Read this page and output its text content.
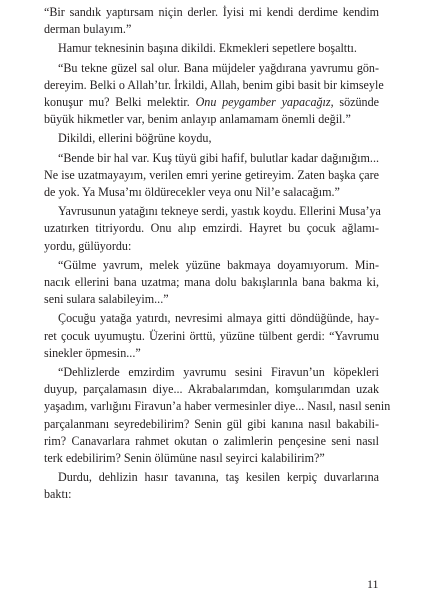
“Bir sandık yaptırsam niçin derler. İyisi mi kendi derdime kendim
derman bulayım.”

Hamur teknesinin başına dikildi. Ekmekleri sepetlere boşalttı.

“Bu tekne güzel sal olur. Bana müjdeler yağdırana yavrumu gön-
dereyim. Belki o Allah’tır. İrkildi, Allah, benim gibi basit bir kimseyle
konuşur mu? Belki melektir. Onu peygamber yapacağız, sözünde
büyük hikmetler var, benim anlayıp anlamamam önemli değil.”

Dikildi, ellerini böğrüne koydu,

“Bende bir hal var. Kuş tüyü gibi hafif, bulutlar kadar dağınığım...
Ne ise uzatmayayım, verilen emri yerine getireyim. Zaten başka çare
de yok. Ya Musa’mı öldürecekler veya onu Nil’e salacağım.”

Yavrusunun yatağını tekneye serdi, yastık koydu. Ellerini Musa’ya
uzatırken titriyordu. Onu alıp emzirdi. Hayret bu çocuk ağlamı-
yordu, gülüyordu:

“Gülme yavrum, melek yüzüne bakmaya doyamıyorum. Min-
nacık ellerini bana uzatma; mana dolu bakışlarınla bana bakma ki,
seni sulara salabileyim...”

Çocuğu yatağa yatırdı, nevresimi almaya gitti döndüğünde, hay-
ret çocuk uyumuştu. Üzerini örttü, yüzüne tülbent gerdi: “Yavrumu
sinekler öpmesin...”

“Dehlizlerde emzirdim yavrumu sesini Firavun’un köpekleri
duyup, parçalamasın diye... Akrabalarımdan, komşularımdan uzak
yaşadım, varlığını Firavun’a haber vermesinler diye... Nasıl, nasıl senin
parçalanmanı seyredebilirim? Senin gül gibi kanına nasıl bakabili-
rim? Canavarlara rahmet okutan o zalimlerin pençesine seni nasıl
terk edebilirim? Senin ölümüne nasıl seyirci kalabilirim?”

Durdu, dehlizin hasır tavanına, taş kesilen kerpiç duvarlarına
baktı:

11
